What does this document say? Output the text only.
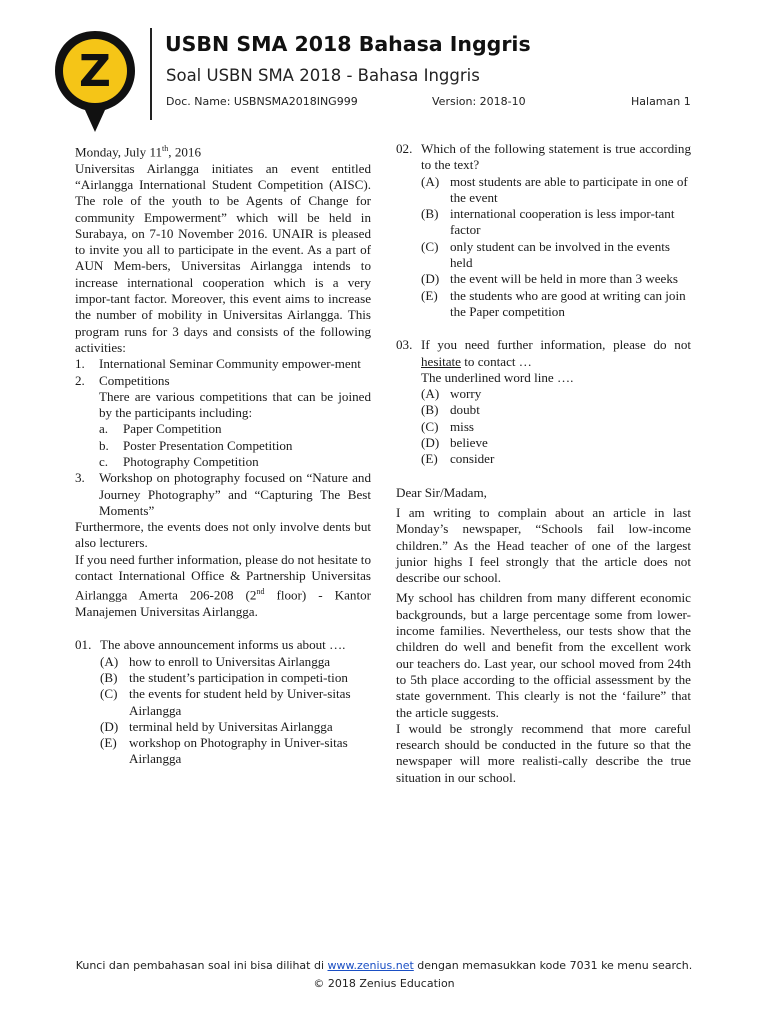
Z
USBN SMA 2018 Bahasa Inggris
Soal USBN SMA 2018 - Bahasa Inggris
Doc. Name: USBNSMA2018ING999	Version: 2018-10	Halaman 1

Monday, July 11th, 2016

Universitas Airlangga initiates an event entitled “Airlangga International Student Competition (AISC). The role of the youth to be Agents of Change for community Empowerment” which will be held in Surabaya, on 7-10 November 2016. UNAIR is pleased to invite you all to participate in the event. As a part of AUN Mem-bers, Universitas Airlangga intends to increase international cooperation which is a very impor-tant factor. Moreover, this event aims to increase the number of mobility in Universitas Airlangga. This program runs for 3 days and consists of the following activities:

1.	International Seminar Community empower-ment
2.	Competitions
There are various competitions that can be joined by the participants including:
a.	Paper Competition
b.	Poster Presentation Competition
c.	Photography Competition
3.	Workshop on photography focused on “Nature and Journey Photography” and “Capturing The Best Moments”

Furthermore, the events does not only involve dents but also lecturers.

If you need further information, please do not hesitate to contact International Office & Partnership Universitas Airlangga Amerta 206-208 (2nd floor) - Kantor Manajemen Universitas Airlangga.

01. The above announcement informs us about ….

(A) how to enroll to Universitas Airlangga
(B) the student’s participation in competi-tion
(C) the events for student held by Univer-sitas Airlangga
(D) terminal held by Universitas Airlangga
(E) workshop on Photography in Univer-sitas Airlangga
02. Which of the following statement is true according to the text?

(A) most students are able to participate in one of the event
(B) international cooperation is less impor-tant factor
(C) only student can be involved in the events held
(D) the event will be held in more than 3 weeks
(E) the students who are good at writing can join the Paper competition
03. If you need further information, please do not hesitate to contact …

The underlined word line ….

(A) worry
(B) doubt
(C) miss
(D) believe
(E) consider

Dear Sir/Madam,

I am writing to complain about an article in last Monday’s newspaper, “Schools fail low-income children.” As the Head teacher of one of the largest junior highs I feel strongly that the article does not describe our school.

My school has children from many different economic backgrounds, but a large percentage some from lower-income families. Nevertheless, our tests show that the children do well and benefit from the excellent work our teachers do. Last year, our school moved from 24th to 5th place according to the official assessment by the state government. This clearly is not the ‘failure” that the article suggests.

I would be strongly recommend that more careful research should be conducted in the future so that the newspaper will more realisti-cally describe the true situation in our school.

Kunci dan pembahasan soal ini bisa dilihat di www.zenius.net dengan memasukkan kode 7031 ke menu search.
© 2018 Zenius Education
